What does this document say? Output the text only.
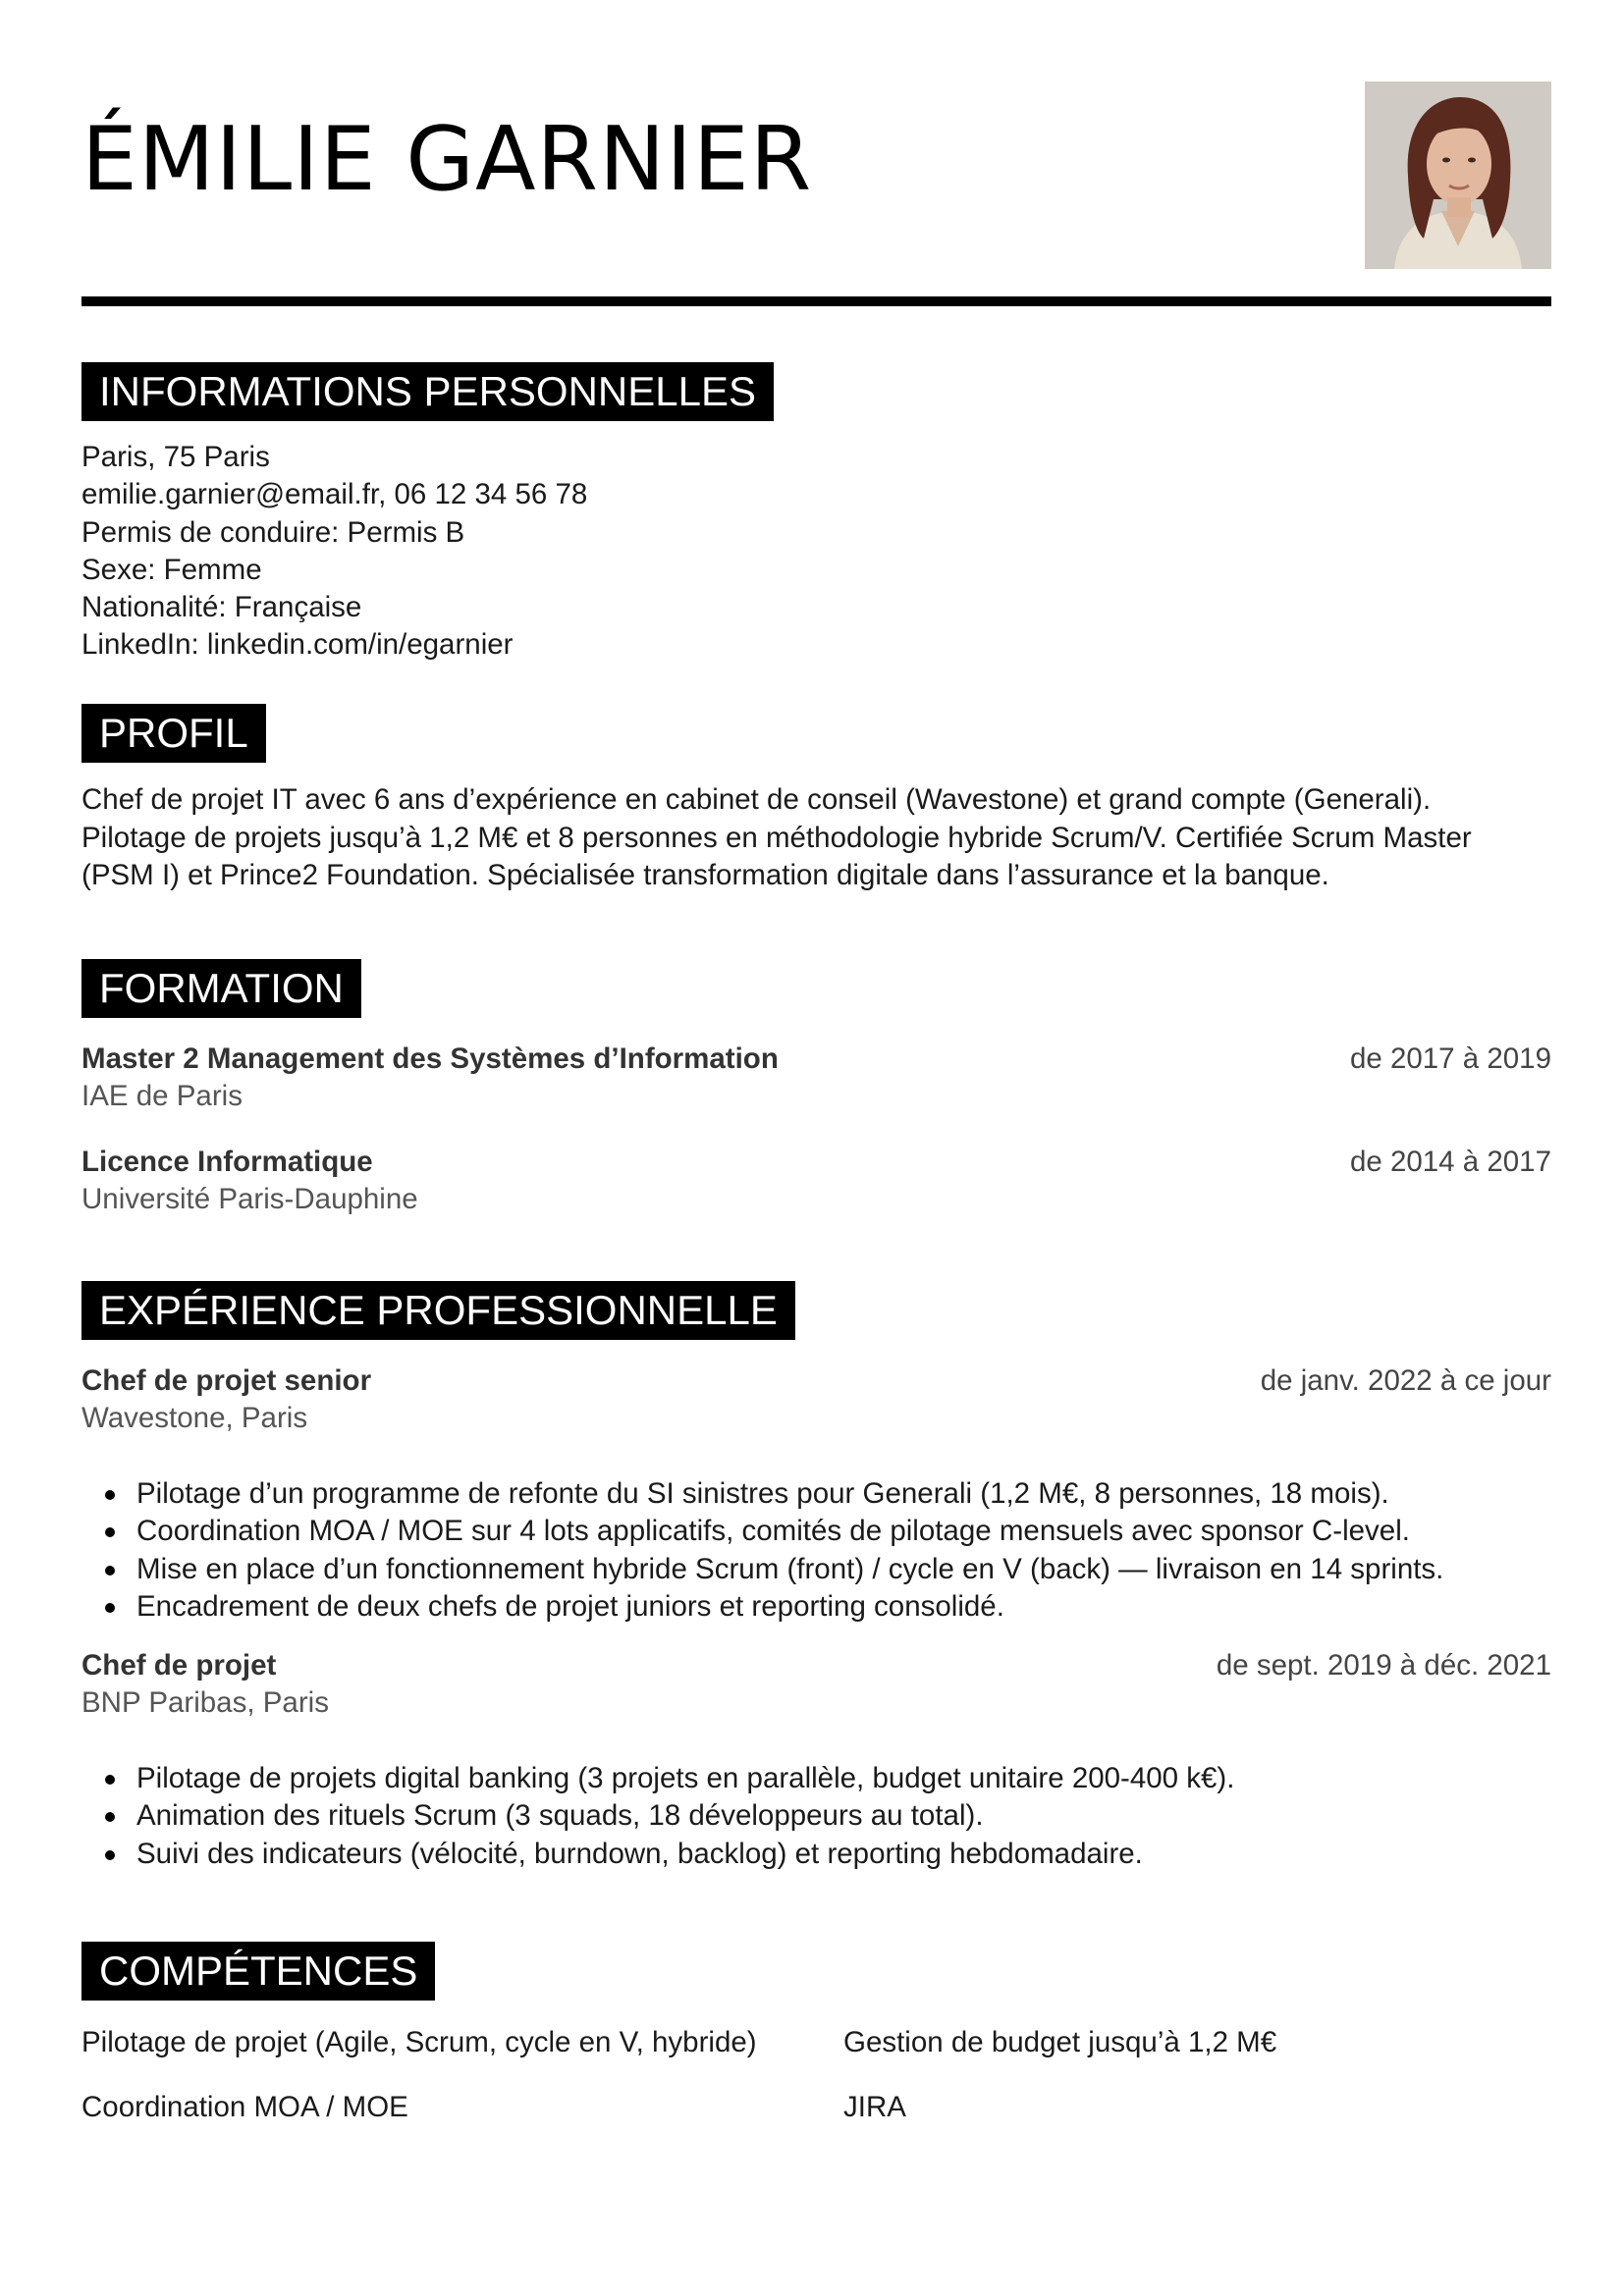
ÉMILIE GARNIER
INFORMATIONS PERSONNELLES
Paris, 75 Paris
emilie.garnier@email.fr, 06 12 34 56 78
Permis de conduire: Permis B
Sexe: Femme
Nationalité: Française
LinkedIn: linkedin.com/in/egarnier
PROFIL
Chef de projet IT avec 6 ans d’expérience en cabinet de conseil (Wavestone) et grand compte (Generali).
Pilotage de projets jusqu’à 1,2 M€ et 8 personnes en méthodologie hybride Scrum/V. Certifiée Scrum Master
(PSM I) et Prince2 Foundation. Spécialisée transformation digitale dans l’assurance et la banque.
FORMATION
Master 2 Management des Systèmes d’Information	de 2017 à 2019
IAE de Paris
Licence Informatique	de 2014 à 2017
Université Paris-Dauphine
EXPÉRIENCE PROFESSIONNELLE
Chef de projet senior	de janv. 2022 à ce jour
Wavestone, Paris
Pilotage d’un programme de refonte du SI sinistres pour Generali (1,2 M€, 8 personnes, 18 mois).
Coordination MOA / MOE sur 4 lots applicatifs, comités de pilotage mensuels avec sponsor C-level.
Mise en place d’un fonctionnement hybride Scrum (front) / cycle en V (back) — livraison en 14 sprints.
Encadrement de deux chefs de projet juniors et reporting consolidé.
Chef de projet	de sept. 2019 à déc. 2021
BNP Paribas, Paris
Pilotage de projets digital banking (3 projets en parallèle, budget unitaire 200-400 k€).
Animation des rituels Scrum (3 squads, 18 développeurs au total).
Suivi des indicateurs (vélocité, burndown, backlog) et reporting hebdomadaire.
COMPÉTENCES
Pilotage de projet (Agile, Scrum, cycle en V, hybride)	Gestion de budget jusqu’à 1,2 M€
Coordination MOA / MOE	JIRA
